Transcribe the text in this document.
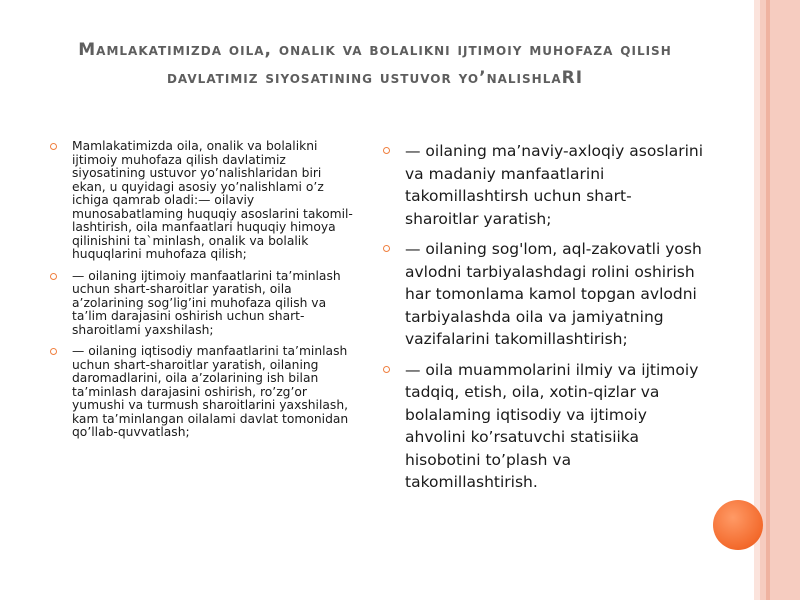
Mamlakatimizda oila, onalik va bolalikni ijtimoiy muhofaza qilish davlatimiz siyosatining ustuvor yo’nalishlaRI
Mamlakatimizda oila, onalik va bolalikni ijtimoiy muhofaza qilish davlatimiz siyosatining ustuvor yo’nalishlaridan biri ekan, u quyidagi asosiy yo’nalishlami o’z ichiga qamrab oladi:— oilaviy munosabatlaming huquqiy asoslarini takomil- lashtirish, oila manfaatlari huquqiy himoya qilinishini ta`minlash, onalik va bolalik huquqlarini muhofaza qilish;
— oilaning ijtimoiy manfaatlarini ta’minlash uchun shart-sharoitlar yaratish, oila a’zolarining sog’lig’ini muhofaza qilish va ta’lim darajasini oshirish uchun shart- sharoitlami yaxshilash;
— oilaning iqtisodiy manfaatlarini ta’minlash uchun shart-sharoitlar yaratish, oilaning daromadlarini, oila a’zolarining ish bilan ta’minlash darajasini oshirish, ro’zg’or yumushi va turmush sharoitlarini yaxshilash, kam ta’minlangan oilalami davlat tomonidan qo’llab-quvvatlash;
— oilaning ma’naviy-axloqiy asoslarini va madaniy manfaatlarini takomillashtirsh uchun shart-sharoitlar yaratish;
— oilaning sog'lom, aql-zakovatli yosh avlodni tarbiyalashdagi rolini oshirish har tomonlama kamol topgan avlodni tarbiyalashda oila va jamiyatning vazifalarini takomillashtirish;
— oila muammolarini ilmiy va ijtimoiy tadqiq, etish, oila, xotin-qizlar va bolalaming iqtisodiy va ijtimoiy ahvolini ko’rsatuvchi statisiika hisobotini to’plash va takomillashtirish.
